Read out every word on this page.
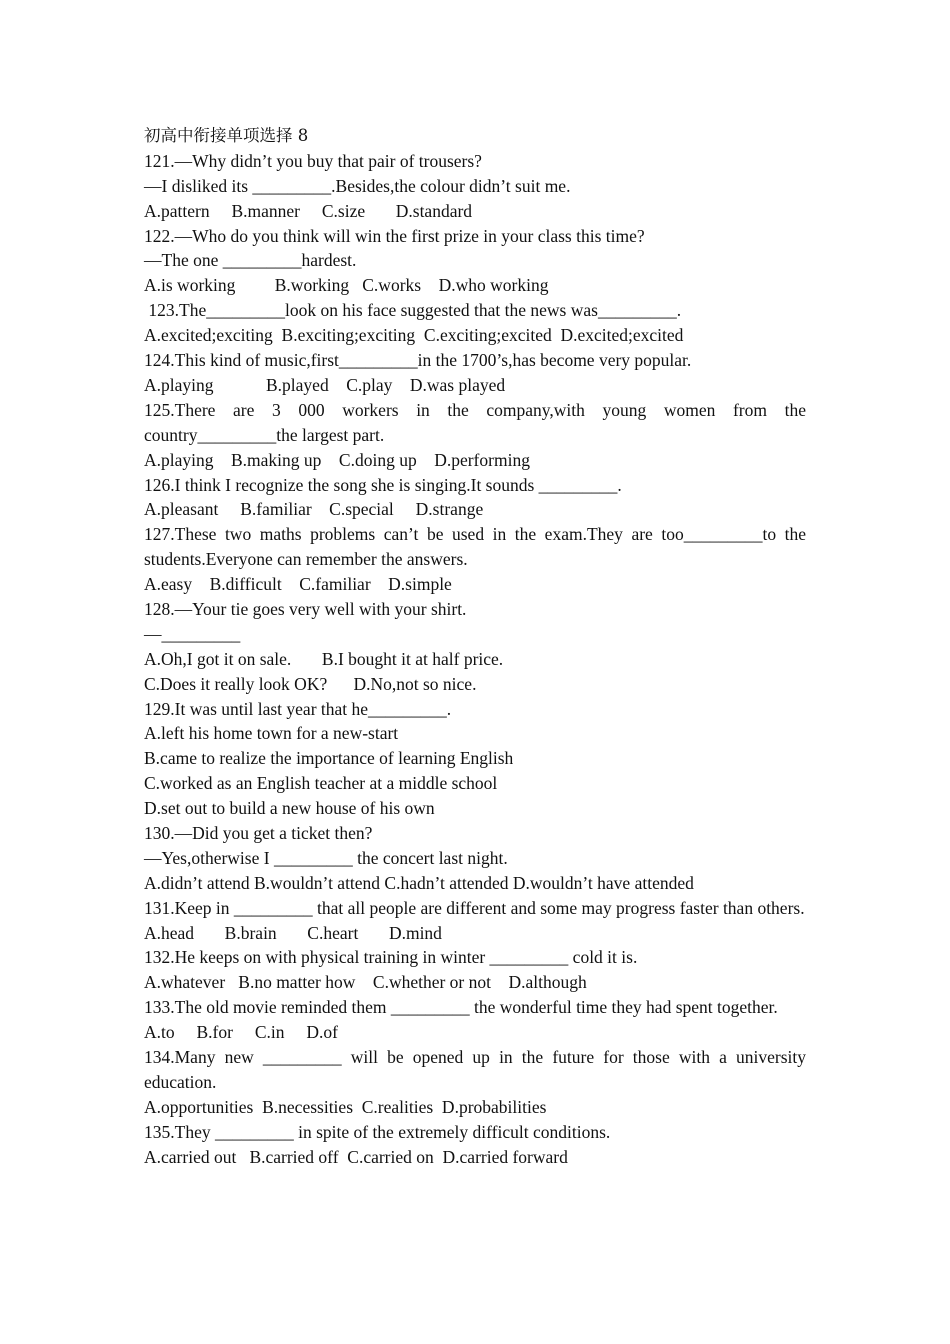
初高中衔接单项选择 8
121.—Why didn’t you buy that pair of trousers?
—I disliked its _________.Besides,the colour didn’t suit me.
A.pattern     B.manner     C.size       D.standard
122.—Who do you think will win the first prize in your class this time?
—The one _________hardest.
A.is working         B.working   C.works    D.who working
123.The_________look on his face suggested that the news was_________.
A.excited;exciting  B.exciting;exciting  C.exciting;excited  D.excited;excited
124.This kind of music,first_________in the 1700’s,has become very popular.
A.playing            B.played    C.play    D.was played
125.There are 3 000 workers in the company,with young women from the country_________the largest part.
A.playing    B.making up    C.doing up    D.performing
126.I think I recognize the song she is singing.It sounds _________.
A.pleasant     B.familiar    C.special     D.strange
127.These two maths problems can’t be used in the exam.They are too_________to the students.Everyone can remember the answers.
A.easy    B.difficult    C.familiar    D.simple
128.—Your tie goes very well with your shirt.
—_________
A.Oh,I got it on sale.       B.I bought it at half price.
C.Does it really look OK?      D.No,not so nice.
129.It was until last year that he_________.
A.left his home town for a new-start
B.came to realize the importance of learning English
C.worked as an English teacher at a middle school
D.set out to build a new house of his own
130.—Did you get a ticket then?
—Yes,otherwise I _________ the concert last night.
A.didn’t attend B.wouldn’t attend C.hadn’t attended D.wouldn’t have attended
131.Keep in _________ that all people are different and some may progress faster than others.
A.head       B.brain       C.heart       D.mind
132.He keeps on with physical training in winter _________ cold it is.
A.whatever   B.no matter how    C.whether or not    D.although
133.The old movie reminded them _________ the wonderful time they had spent together.
A.to     B.for     C.in     D.of
134.Many new _________ will be opened up in the future for those with a university education.
A.opportunities  B.necessities  C.realities  D.probabilities
135.They _________ in spite of the extremely difficult conditions.
A.carried out   B.carried off  C.carried on  D.carried forward
